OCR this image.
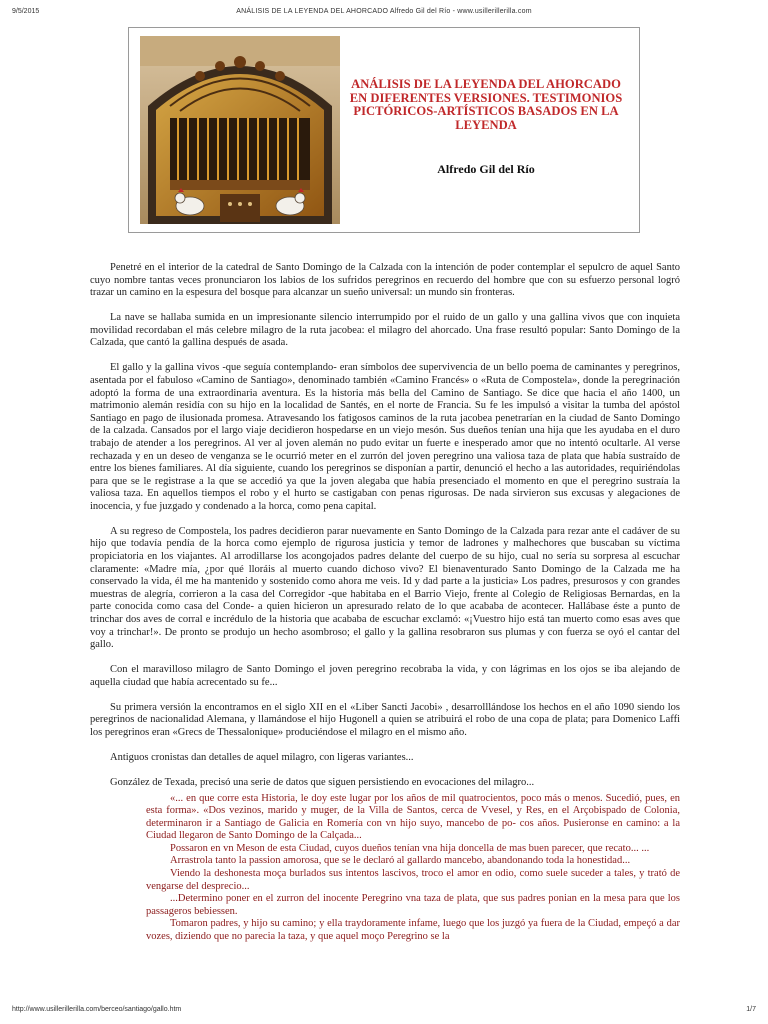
9/5/2015	ANÁLISIS DE LA LEYENDA DEL AHORCADO Alfredo Gil del Río - www.usillerillerilla.com
ANÁLISIS DE LA LEYENDA DEL AHORCADO EN DIFERENTES VERSIONES. TESTIMONIOS PICTÓRICOS-ARTÍSTICOS BASADOS EN LA LEYENDA
Alfredo Gil del Río

Penetré en el interior de la catedral de Santo Domingo de la Calzada con la intención de poder contemplar el sepulcro de aquel Santo cuyo nombre tantas veces pronunciaron los labios de los sufridos peregrinos en recuerdo del hombre que con su esfuerzo personal logró trazar un camino en la espesura del bosque para alcanzar un sueño universal: un mundo sin fronteras.

La nave se hallaba sumida en un impresionante silencio interrumpido por el ruido de un gallo y una gallina vivos que con inquieta movilidad recordaban el más celebre milagro de la ruta jacobea: el milagro del ahorcado. Una frase resultó popular: Santo Domingo de la Calzada, que cantó la gallina después de asada.

El gallo y la gallina vivos -que seguía contemplando- eran símbolos dee supervivencia de un bello poema de caminantes y peregrinos, asentada por el fabuloso «Camino de Santiago», denominado también «Camino Francés» o «Ruta de Compostela», donde la peregrinación adoptó la forma de una extraordinaria aventura. Es la historia más bella del Camino de Santiago. Se dice que hacia el año 1400, un matrimonio alemán residía con su hijo en la localidad de Santés, en el norte de Francia. Su fe les impulsó a visitar la tumba del apóstol Santiago en pago de ilusionada promesa. Atravesando los fatigosos caminos de la ruta jacobea penetrarían en la ciudad de Santo Domingo de la calzada. Cansados por el largo viaje decidieron hospedarse en un viejo mesón. Sus dueños tenían una hija que les ayudaba en el duro trabajo de atender a los peregrinos. Al ver al joven alemán no pudo evitar un fuerte e inesperado amor que no intentó ocultarle. Al verse rechazada y en un deseo de venganza se le ocurrió meter en el zurrón del joven peregrino una valiosa taza de plata que había sustraído de entre los bienes familiares. Al día siguiente, cuando los peregrinos se disponían a partir, denunció el hecho a las autoridades, requiriéndolas para que se le registrase a la que se accedió ya que la joven alegaba que había presenciado el momento en que el peregrino sustraía la valiosa taza. En aquellos tiempos el robo y el hurto se castigaban con penas rigurosas. De nada sirvieron sus excusas y alegaciones de inocencia, y fue juzgado y condenado a la horca, como pena capital.

A su regreso de Compostela, los padres decidieron parar nuevamente en Santo Domingo de la Calzada para rezar ante el cadáver de su hijo que todavía pendía de la horca como ejemplo de rigurosa justicia y temor de ladrones y malhechores que buscaban su víctima propiciatoria en los viajantes. Al arrodillarse los acongojados padres delante del cuerpo de su hijo, cual no sería su sorpresa al escuchar claramente: «Madre mía, ¿por qué lloráis al muerto cuando dichoso vivo? El bienaventurado Santo Domingo de la Calzada me ha conservado la vida, él me ha mantenido y sostenido como ahora me veis. Id y dad parte a la justicia» Los padres, presurosos y con grandes muestras de alegría, corrieron a la casa del Corregidor -que habitaba en el Barrio Viejo, frente al Colegio de Religiosas Bernardas, en la parte conocida como casa del Conde- a quien hicieron un apresurado relato de lo que acababa de acontecer. Hallábase éste a punto de trinchar dos aves de corral e incrédulo de la historia que acababa de escuchar exclamó: «¡Vuestro hijo está tan muerto como esas aves que voy a trinchar!». De pronto se produjo un hecho asombroso; el gallo y la gallina resobraron sus plumas y con fuerza se oyó el cantar del gallo.

Con el maravilloso milagro de Santo Domingo el joven peregrino recobraba la vida, y con lágrimas en los ojos se iba alejando de aquella ciudad que había acrecentado su fe...

Su primera versión la encontramos en el siglo XII en el «Liber Sancti Jacobi» , desarrolllándose los hechos en el año 1090 siendo los peregrinos de nacionalidad Alemana, y llamándose el hijo Hugonell a quien se atribuirá el robo de una copa de plata; para Domenico Laffi los peregrinos eran «Grecs de Thessalonique» produciéndose el milagro en el mismo año.

Antiguos cronistas dan detalles de aquel milagro, con ligeras variantes...

González de Texada, precisó una serie de datos que siguen persistiendo en evocaciones del milagro...

«... en que corre esta Historia, le doy este lugar por los años de mil quatrocientos, poco más o menos. Sucedió, pues, en esta forma». «Dos vezinos, marido y muger, de la Villa de Santos, cerca de Vvesel, y Res, en el Arçobispado de Colonia, determinaron ir a Santiago de Galicia en Romería con vn hijo suyo, mancebo de po- cos años. Pusieronse en camino: a la Ciudad llegaron de Santo Domingo de la Calçada...

Possaron en vn Meson de esta Ciudad, cuyos dueños tenían vna hija doncella de mas buen parecer, que recato... ...

Arrastrola tanto la passion amorosa, que se le declaró al gallardo mancebo, abandonando toda la honestidad...

Viendo la deshonesta moça burlados sus intentos lascivos, troco el amor en odio, como suele suceder a tales, y trató de vengarse del desprecio...

...Determino poner en el zurron del inocente Peregrino vna taza de plata, que sus padres ponian en la mesa para que los passageros bebiessen.

Tomaron padres, y hijo su camino; y ella traydoramente infame, luego que los juzgó ya fuera de la Ciudad, empeçó a dar vozes, diziendo que no parecia la taza, y que aquel moço Peregrino se la

http://www.usillerillerilla.com/berceo/santiago/gallo.htm	1/7
